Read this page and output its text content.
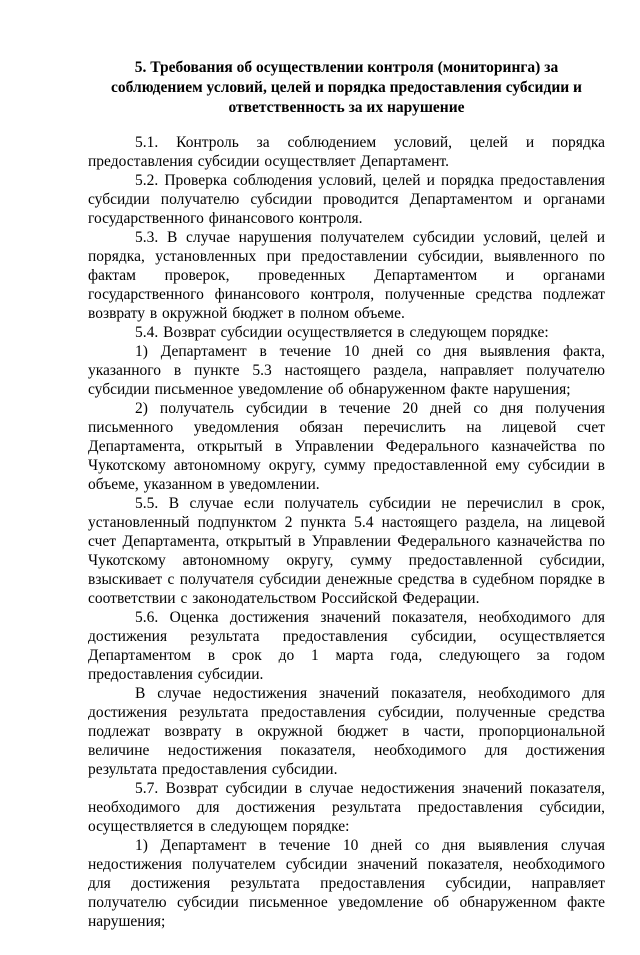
5. Требования об осуществлении контроля (мониторинга) за соблюдением условий, целей и порядка предоставления субсидии и ответственность за их нарушение

5.1. Контроль за соблюдением условий, целей и порядка предоставления субсидии осуществляет Департамент.

5.2. Проверка соблюдения условий, целей и порядка предоставления субсидии получателю субсидии проводится Департаментом и органами государственного финансового контроля.

5.3. В случае нарушения получателем субсидии условий, целей и порядка, установленных при предоставлении субсидии, выявленного по фактам проверок, проведенных Департаментом и органами государственного финансового контроля, полученные средства подлежат возврату в окружной бюджет в полном объеме.

5.4. Возврат субсидии осуществляется в следующем порядке:

1) Департамент в течение 10 дней со дня выявления факта, указанного в пункте 5.3 настоящего раздела, направляет получателю субсидии письменное уведомление об обнаруженном факте нарушения;

2) получатель субсидии в течение 20 дней со дня получения письменного уведомления обязан перечислить на лицевой счет Департамента, открытый в Управлении Федерального казначейства по Чукотскому автономному округу, сумму предоставленной ему субсидии в объеме, указанном в уведомлении.

5.5. В случае если получатель субсидии не перечислил в срок, установленный подпунктом 2 пункта 5.4 настоящего раздела, на лицевой счет Департамента, открытый в Управлении Федерального казначейства по Чукотскому автономному округу, сумму предоставленной субсидии, взыскивает с получателя субсидии денежные средства в судебном порядке в соответствии с законодательством Российской Федерации.

5.6. Оценка достижения значений показателя, необходимого для достижения результата предоставления субсидии, осуществляется Департаментом в срок до 1 марта года, следующего за годом предоставления субсидии.

В случае недостижения значений показателя, необходимого для достижения результата предоставления субсидии, полученные средства подлежат возврату в окружной бюджет в части, пропорциональной величине недостижения показателя, необходимого для достижения результата предоставления субсидии.

5.7. Возврат субсидии в случае недостижения значений показателя, необходимого для достижения результата предоставления субсидии, осуществляется в следующем порядке:

1) Департамент в течение 10 дней со дня выявления случая недостижения получателем субсидии значений показателя, необходимого для достижения результата предоставления субсидии, направляет получателю субсидии письменное уведомление об обнаруженном факте нарушения;
